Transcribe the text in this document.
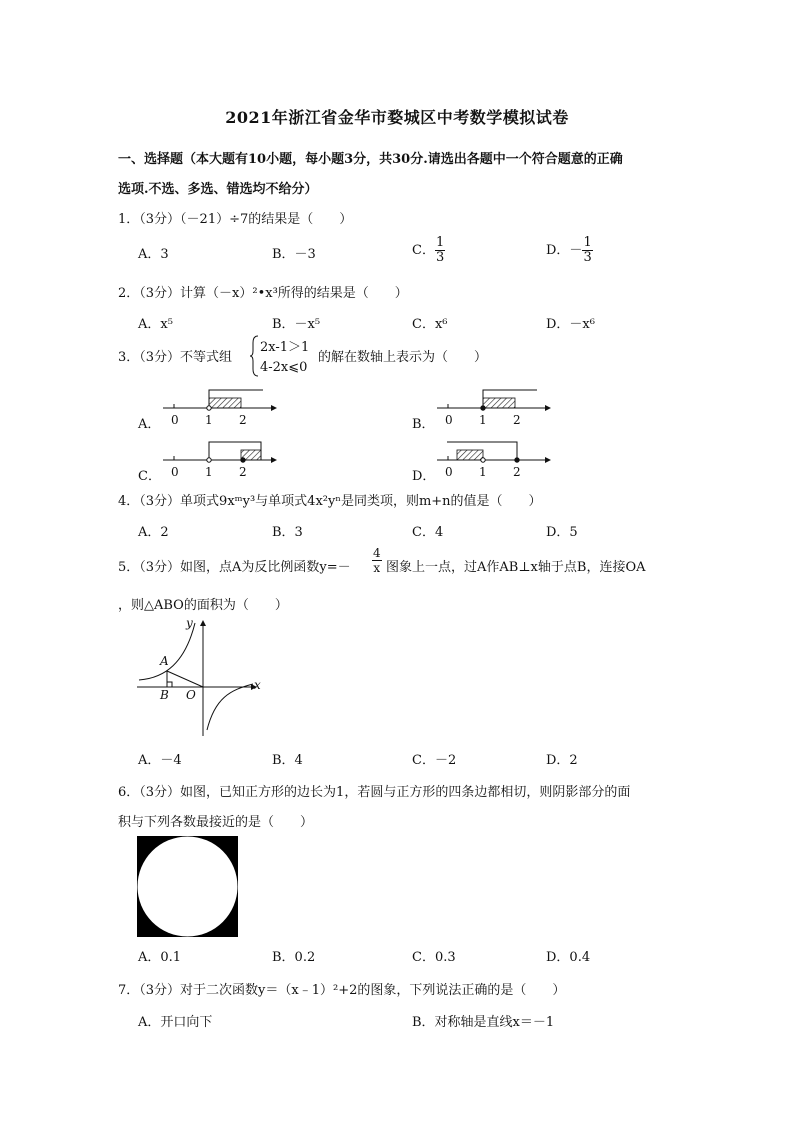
2021年浙江省金华市婺城区中考数学模拟试卷
一、选择题（本大题有10小题，每小题3分，共30分.请选出各题中一个符合题意的正确
选项.不选、多选、错选均不给分）
1．（3分）（－21）÷7的结果是（　　）
A．3	B．－3	C． $\frac{1}{3}$	D．－ $\frac{1}{3}$
2．（3分）计算（－x）²•x³所得的结果是（　　）
A．x⁵	B．－x⁵	C．x⁶	D．－x⁶
3．（3分）不等式组
2x-1＞1
4-2x⩽0
的解在数轴上表示为（　　）
A． 0 1 2	B． 0 1 2
C． 0 1 2	D． 0 1 2
4．（3分）单项式9xᵐy³与单项式4x²yⁿ是同类项，则m+n的值是（　　）
A．2	B．3	C．4	D．5
5．（3分）如图，点A为反比例函数$y=- \frac{4}{x}$ 图象上一点，过A作AB⊥x轴于点B，连接OA
，则△ABO的面积为（　　）
y
x
A
B O
A．－4	B．4	C．－2	D．2
6．（3分）如图，已知正方形的边长为1，若圆与正方形的四条边都相切，则阴影部分的面
积与下列各数最接近的是（　　）
A．0.1	B．0.2	C．0.3	D．0.4
7．（3分）对于二次函数y＝（x﹣1）²+2的图象，下列说法正确的是（　　）
A．开口向下	B．对称轴是直线x＝－1
